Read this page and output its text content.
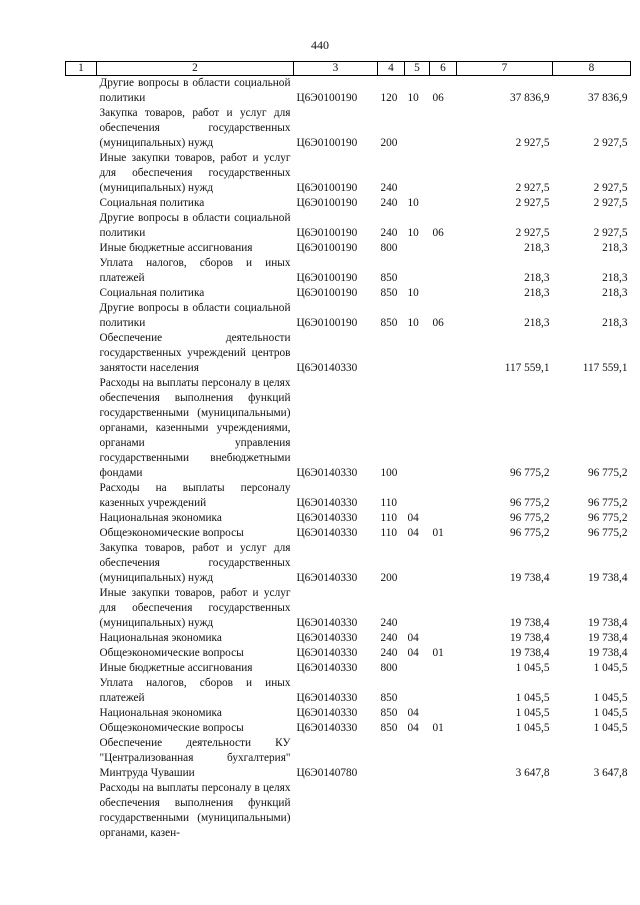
440
1	2	3	4	5	6	7	8
	Другие вопросы в области социальной политики	Ц6Э0100190	120	10	06	37 836,9	37 836,9
	Закупка товаров, работ и услуг для обеспечения государственных (муниципальных) нужд	Ц6Э0100190	200			2 927,5	2 927,5
	Иные закупки товаров, работ и услуг для обеспечения государственных (муниципальных) нужд	Ц6Э0100190	240			2 927,5	2 927,5
	Социальная политика	Ц6Э0100190	240	10		2 927,5	2 927,5
	Другие вопросы в области социальной политики	Ц6Э0100190	240	10	06	2 927,5	2 927,5
	Иные бюджетные ассигнования	Ц6Э0100190	800			218,3	218,3
	Уплата налогов, сборов и иных платежей	Ц6Э0100190	850			218,3	218,3
	Социальная политика	Ц6Э0100190	850	10		218,3	218,3
	Другие вопросы в области социальной политики	Ц6Э0100190	850	10	06	218,3	218,3
	Обеспечение деятельности государственных учреждений центров занятости населения	Ц6Э0140330				117 559,1	117 559,1
	Расходы на выплаты персоналу в целях обеспечения выполнения функций государственными (муниципальными) органами, казенными учреждениями, органами управления государственными внебюджетными фондами	Ц6Э0140330	100			96 775,2	96 775,2
	Расходы на выплаты персоналу казенных учреждений	Ц6Э0140330	110			96 775,2	96 775,2
	Национальная экономика	Ц6Э0140330	110	04		96 775,2	96 775,2
	Общеэкономические вопросы	Ц6Э0140330	110	04	01	96 775,2	96 775,2
	Закупка товаров, работ и услуг для обеспечения государственных (муниципальных) нужд	Ц6Э0140330	200			19 738,4	19 738,4
	Иные закупки товаров, работ и услуг для обеспечения государственных (муниципальных) нужд	Ц6Э0140330	240			19 738,4	19 738,4
	Национальная экономика	Ц6Э0140330	240	04		19 738,4	19 738,4
	Общеэкономические вопросы	Ц6Э0140330	240	04	01	19 738,4	19 738,4
	Иные бюджетные ассигнования	Ц6Э0140330	800			1 045,5	1 045,5
	Уплата налогов, сборов и иных платежей	Ц6Э0140330	850			1 045,5	1 045,5
	Национальная экономика	Ц6Э0140330	850	04		1 045,5	1 045,5
	Общеэкономические вопросы	Ц6Э0140330	850	04	01	1 045,5	1 045,5
	Обеспечение деятельности КУ "Централизованная бухгалтерия" Минтруда Чувашии	Ц6Э0140780				3 647,8	3 647,8
	Расходы на выплаты персоналу в целях обеспечения выполнения функций государственными (муниципальными) органами, казен-						
